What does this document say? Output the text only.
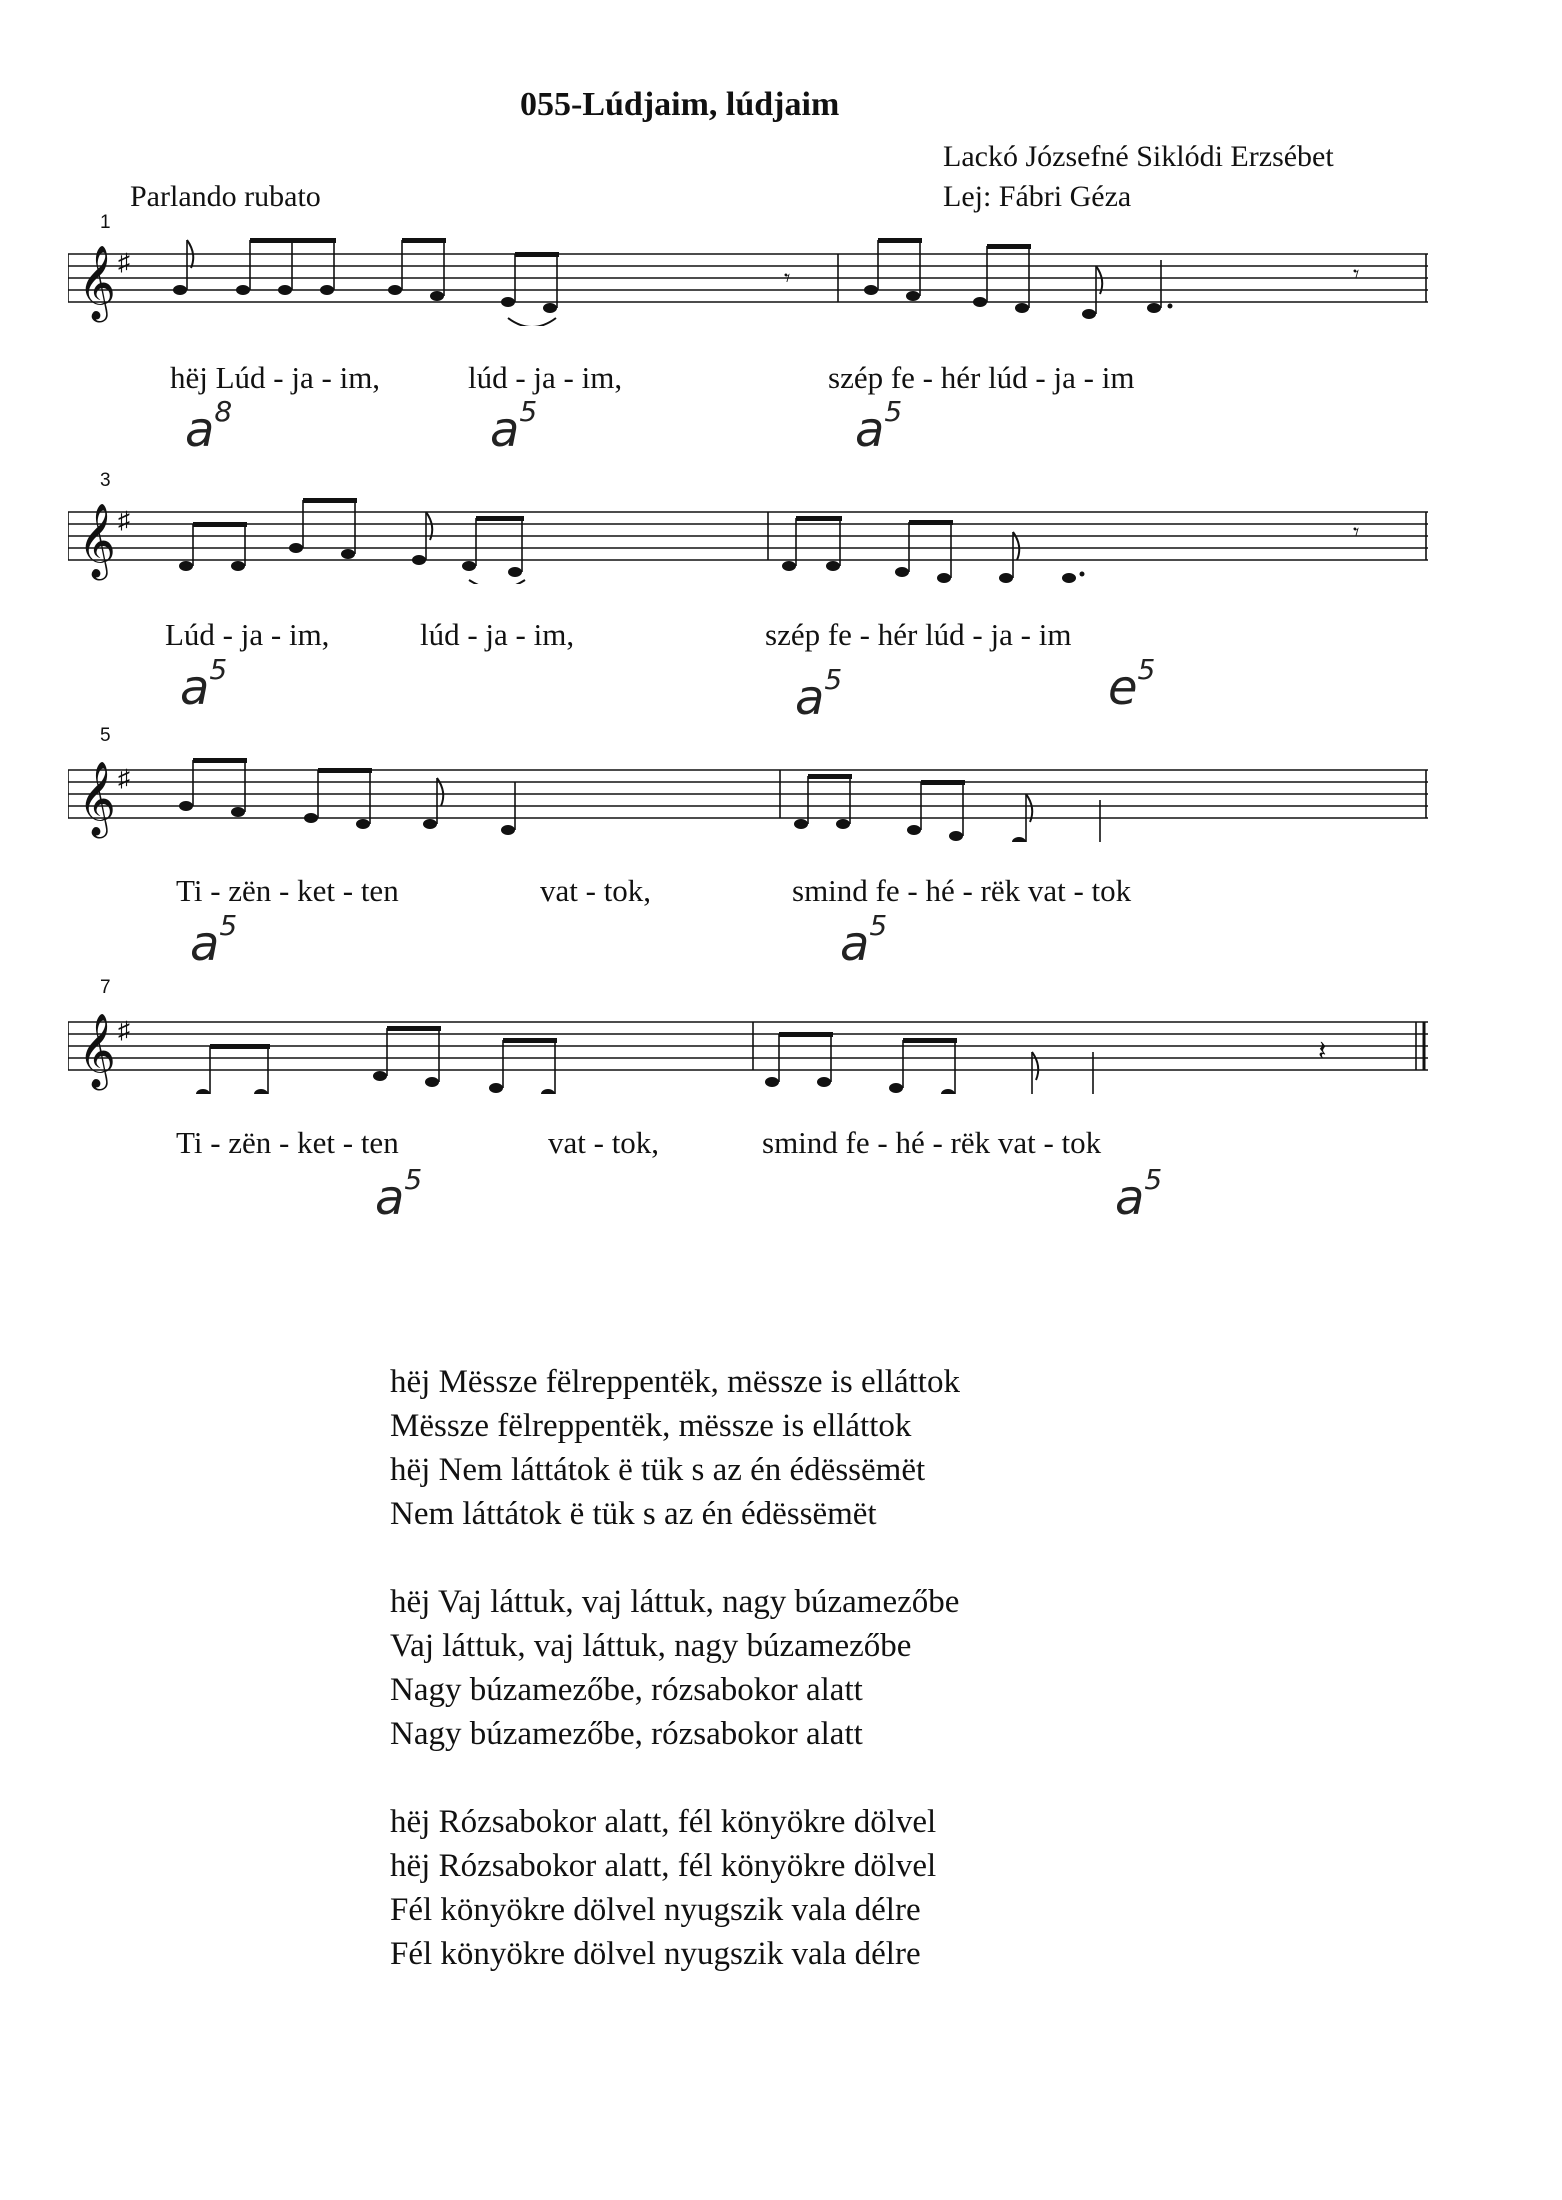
055-Lúdjaim, lúdjaim
Lackó Józsefné Siklódi Erzsébet
Lej: Fábri Géza
Parlando rubato
1
𝄞 ♯
𝄾	𝄾
hëj Lúd - ja - im,	lúd - ja - im,	szép fe - hér lúd - ja - im
$a^8$	$a^5$	$a^5$
3
𝄞 ♯	𝄾
Lúd - ja - im,	lúd - ja - im,	szép fe - hér lúd - ja - im
$a^5$
$a^5$	$e^5$
5
𝄞 ♯
Ti - zën - ket - ten	vat - tok,	smind fe - hé - rëk vat - tok
$a^5$	$a^5$
7
𝄞 ♯
𝄽
Ti - zën - ket - ten	vat - tok,	smind fe - hé - rëk vat - tok
$a^5$	$a^5$
hëj Mëssze fëlreppentëk, mëssze is elláttok
Mëssze fëlreppentëk, mëssze is elláttok
hëj Nem láttátok ë tük s az én édëssëmët
Nem láttátok ë tük s az én édëssëmët
hëj Vaj láttuk, vaj láttuk, nagy búzamezőbe
Vaj láttuk, vaj láttuk, nagy búzamezőbe
Nagy búzamezőbe, rózsabokor alatt
Nagy búzamezőbe, rózsabokor alatt
hëj Rózsabokor alatt, fél könyökre dölvel
hëj Rózsabokor alatt, fél könyökre dölvel
Fél könyökre dölvel nyugszik vala délre
Fél könyökre dölvel nyugszik vala délre
